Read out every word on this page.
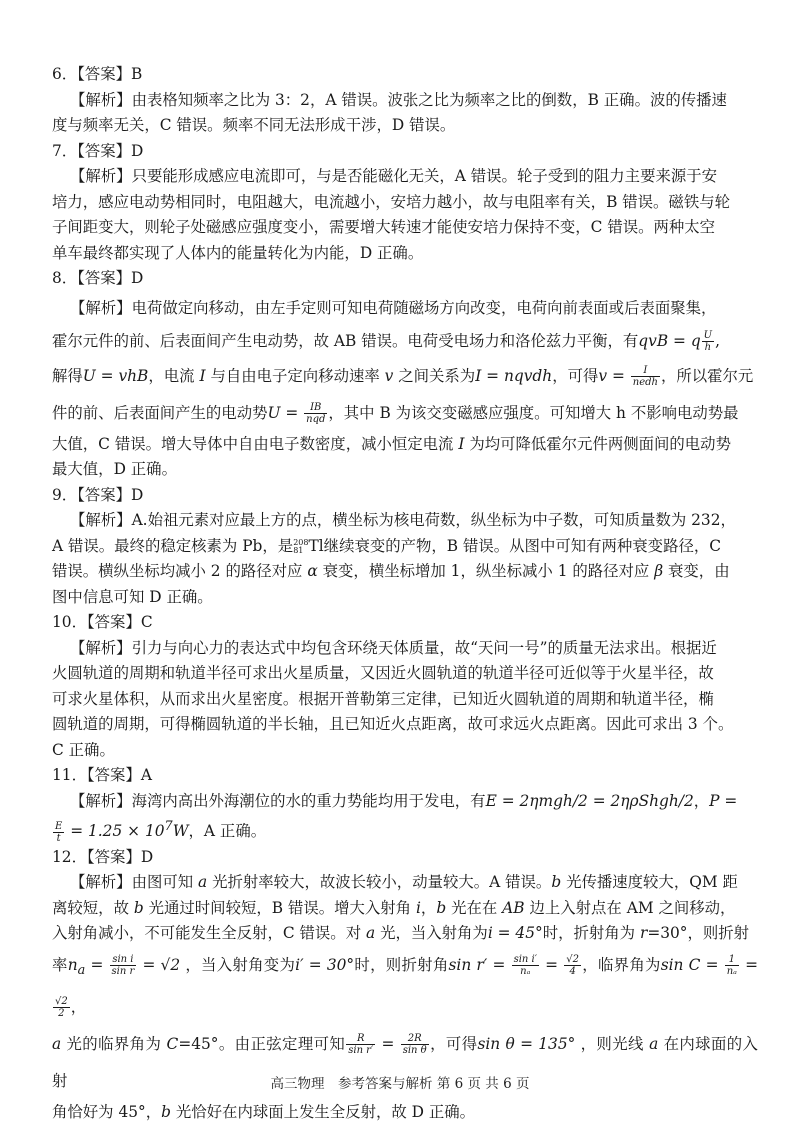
6．【答案】B

【解析】由表格知频率之比为 3：2，A 错误。波张之比为频率之比的倒数，B 正确。波的传播速

度与频率无关，C 错误。频率不同无法形成干涉，D 错误。

7．【答案】D

【解析】只要能形成感应电流即可，与是否能磁化无关，A 错误。轮子受到的阻力主要来源于安

培力，感应电动势相同时，电阻越大，电流越小，安培力越小，故与电阻率有关，B 错误。磁铁与轮

子间距变大，则轮子处磁感应强度变小，需要增大转速才能使安培力保持不变，C 错误。两种太空

单车最终都实现了人体内的能量转化为内能，D 正确。

8．【答案】D

【解析】电荷做定向移动，由左手定则可知电荷随磁场方向改变，电荷向前表面或后表面聚集，

霍尔元件的前、后表面间产生电动势，故 AB 错误。电荷受电场力和洛伦兹力平衡，有qvB = q $\frac{U}{h}$ ,

解得U = vhB，电流 I 与自由电子定向移动速率 v 之间关系为I = nqvdh，可得$v = \frac{I}{\text{nedh}}$ ，所以霍尔元

件的前、后表面间产生的电动势$U = \frac{IB}{\text{nqd}}$ ，其中 B 为该交变磁感应强度。可知增大 h 不影响电动势最

大值，C 错误。增大导体中自由电子数密度，减小恒定电流 I 为均可降低霍尔元件两侧面间的电动势

最大值，D 正确。

9．【答案】D

【解析】A.始祖元素对应最上方的点，横坐标为核电荷数，纵坐标为中子数，可知质量数为 232，

A 错误。最终的稳定核素为 Pb，是 208
81 Tl继续衰变的产物，B 错误。从图中可知有两种衰变路径，C

错误。横纵坐标均减小 2 的路径对应 α 衰变，横坐标增加 1，纵坐标减小 1 的路径对应 β 衰变，由

图中信息可知 D 正确。

10．【答案】C

【解析】引力与向心力的表达式中均包含环绕天体质量，故“天问一号”的质量无法求出。根据近

火圆轨道的周期和轨道半径可求出火星质量，又因近火圆轨道的轨道半径可近似等于火星半径，故

可求火星体积，从而求出火星密度。根据开普勒第三定律，已知近火圆轨道的周期和轨道半径，椭

圆轨道的周期，可得椭圆轨道的半长轴，且已知近火点距离，故可求远火点距离。因此可求出 3 个。

C 正确。

11．【答案】A

【解析】海湾内高出外海潮位的水的重力势能均用于发电，有E = 2ηmgh/2 = 2ηρShgh/2，P =

$\frac{E}{t} = 1.25 \times 10^7W$，A 正确。

12．【答案】D

【解析】由图可知 a 光折射率较大，故波长较小，动量较大。A 错误。b 光传播速度较大，QM 距

离较短，故 b 光通过时间较短，B 错误。增大入射角 i，b 光在在 AB 边上入射点在 AM 之间移动，

入射角减小，不可能发生全反射，C 错误。对 a 光，当入射角为i = 45°时，折射角为 r=30°，则折射

率$n_a = \frac{\text{sin i}}{\text{sin r}} = √2$ ，当入射角变为i′ = 30°时，则折射角$\sin r' = \frac{\text{sin i′}}{\text{nₐ}} = \frac{√2}{4}$ ，临界角为$\sin C = \frac{1}{\text{nₐ}}$ =
$\frac{√2}{2}$ ，

a 光的临界角为 C=45°。由正弦定理可知 $\frac{R}{\text{sin r′}} = \frac{2R}{\text{sin θ}}$ ，可得sin θ = 135° ，则光线 a 在内球面的入射

角恰好为 45°，b 光恰好在内球面上发生全反射，故 D 正确。

高三物理　参考答案与解析 第 6 页 共 6 页
